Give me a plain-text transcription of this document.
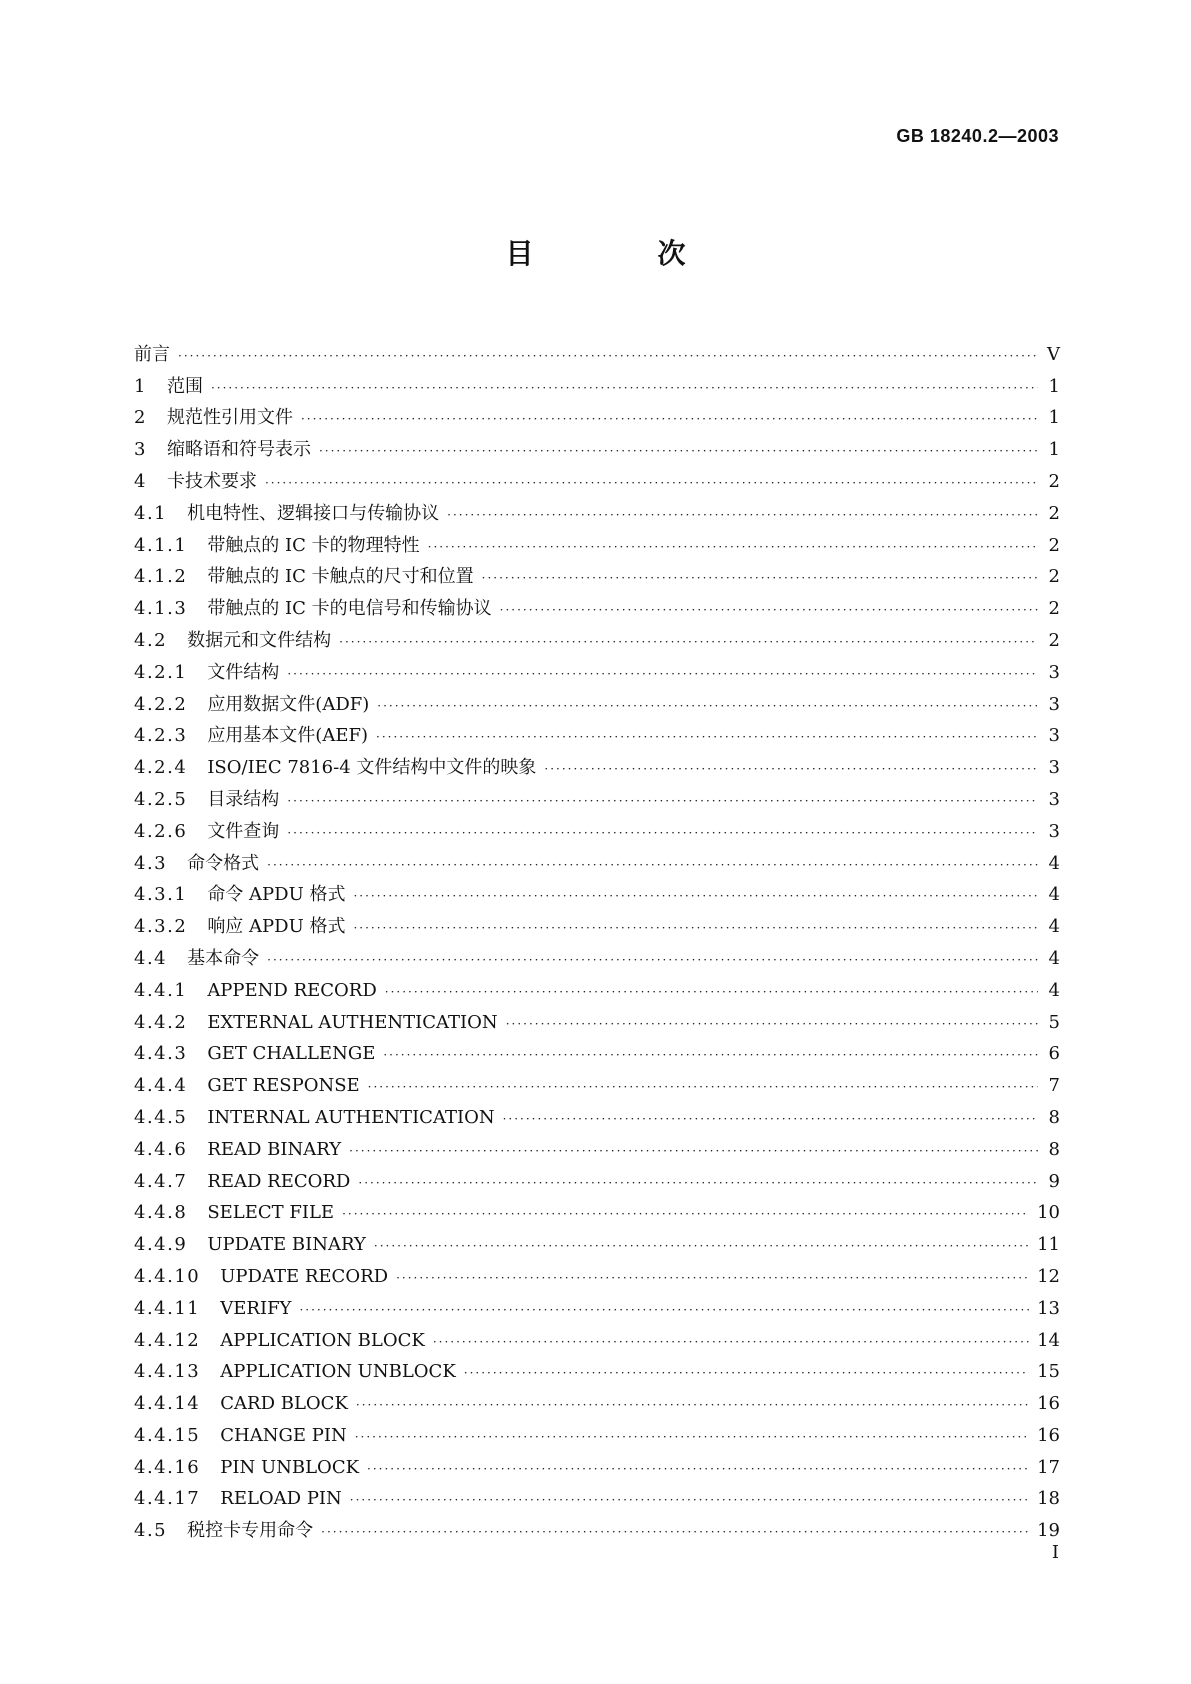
GB 18240.2—2003
目　次
前言 ·····	V
1	范围 ·····	1
2	规范性引用文件 ·····	1
3	缩略语和符号表示 ·····	1
4	卡技术要求 ·····	2
4.1	机电特性、逻辑接口与传输协议 ·····	2
4.1.1	带触点的 IC 卡的物理特性 ·····	2
4.1.2	带触点的 IC 卡触点的尺寸和位置 ·····	2
4.1.3	带触点的 IC 卡的电信号和传输协议 ·····	2
4.2	数据元和文件结构 ·····	2
4.2.1	文件结构 ·····	3
4.2.2	应用数据文件(ADF) ·····	3
4.2.3	应用基本文件(AEF) ·····	3
4.2.4	ISO/IEC 7816-4 文件结构中文件的映象 ·····	3
4.2.5	目录结构 ·····	3
4.2.6	文件查询 ·····	3
4.3	命令格式 ·····	4
4.3.1	命令 APDU 格式 ·····	4
4.3.2	响应 APDU 格式 ·····	4
4.4	基本命令 ·····	4
4.4.1	APPEND RECORD ·····	4
4.4.2	EXTERNAL AUTHENTICATION ·····	5
4.4.3	GET CHALLENGE ·····	6
4.4.4	GET RESPONSE ·····	7
4.4.5	INTERNAL AUTHENTICATION ·····	8
4.4.6	READ BINARY ·····	8
4.4.7	READ RECORD ·····	9
4.4.8	SELECT FILE ·····	10
4.4.9	UPDATE BINARY ·····	11
4.4.10	UPDATE RECORD ·····	12
4.4.11	VERIFY ·····	13
4.4.12	APPLICATION BLOCK ·····	14
4.4.13	APPLICATION UNBLOCK ·····	15
4.4.14	CARD BLOCK ·····	16
4.4.15	CHANGE PIN ·····	16
4.4.16	PIN UNBLOCK ·····	17
4.4.17	RELOAD PIN ·····	18
4.5	税控卡专用命令 ·····	19
I
